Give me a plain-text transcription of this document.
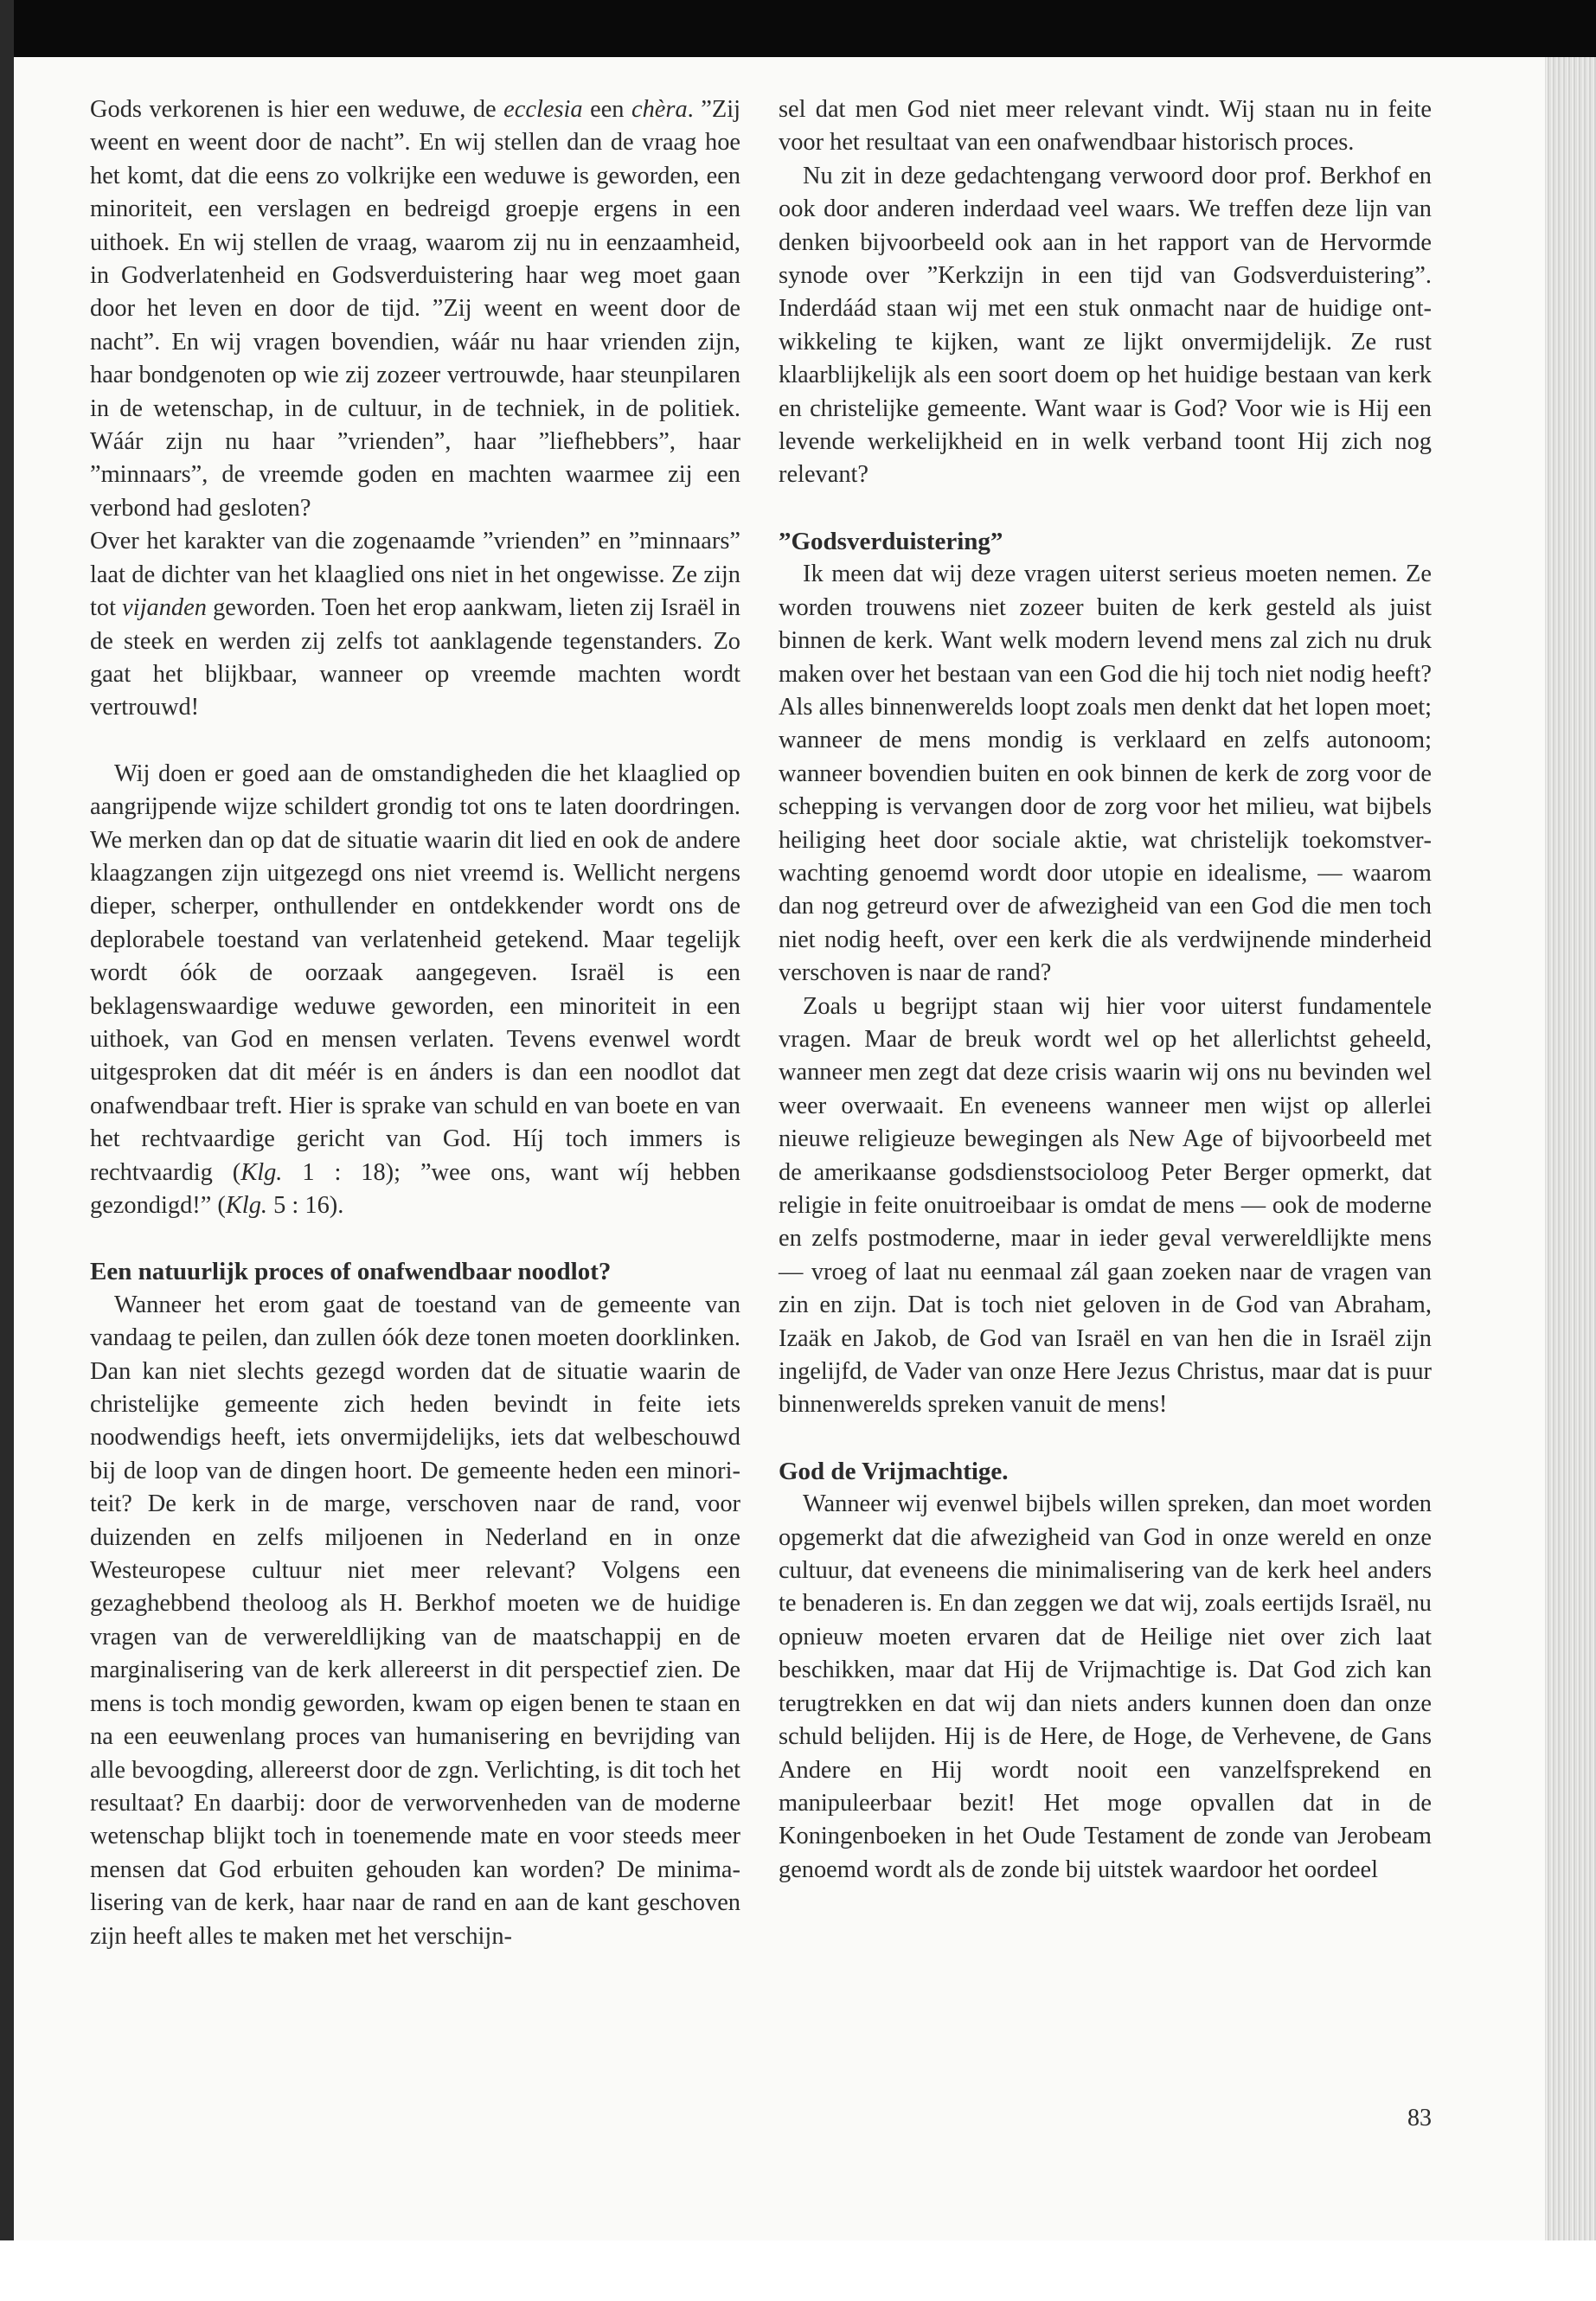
Gods verkorenen is hier een weduwe, de ecclesia een chèra. ”Zij weent en weent door de nacht”. En wij stellen dan de vraag hoe het komt, dat die eens zo volkrijke een weduwe is geworden, een minoriteit, een verslagen en bedreigd groepje ergens in een uithoek. En wij stellen de vraag, waarom zij nu in eenzaamheid, in Godverlatenheid en Godsverduistering haar weg moet gaan door het leven en door de tijd. ”Zij weent en weent door de nacht”. En wij vragen bovendien, wáár nu haar vrienden zijn, haar bondgenoten op wie zij zozeer vertrouwde, haar steunpilaren in de wetenschap, in de cultuur, in de techniek, in de politiek. Wáár zijn nu haar ”vrienden”, haar ”liefhebbers”, haar ”minnaars”, de vreemde goden en machten waarmee zij een verbond had gesloten?

Over het karakter van die zogenaamde ”vrienden” en ”minnaars” laat de dichter van het klaaglied ons niet in het ongewisse. Ze zijn tot vijanden geworden. Toen het erop aankwam, lieten zij Israël in de steek en werden zij zelfs tot aanklagende tegenstanders. Zo gaat het blijkbaar, wanneer op vreemde machten wordt vertrouwd!

Wij doen er goed aan de omstandigheden die het klaaglied op aangrijpende wijze schildert grondig tot ons te laten doordringen. We merken dan op dat de situatie waarin dit lied en ook de andere klaagzangen zijn uitgezegd ons niet vreemd is. Wellicht nergens dieper, scherper, onthullender en ontdekkender wordt ons de deplorabele toestand van verlatenheid getekend. Maar tegelijk wordt óók de oorzaak aangegeven. Israël is een beklagenswaardige weduwe geworden, een minoriteit in een uithoek, van God en mensen verlaten. Tevens evenwel wordt uitgesproken dat dit méér is en ánders is dan een noodlot dat onafwendbaar treft. Hier is sprake van schuld en van boete en van het rechtvaardige gericht van God. Híj toch immers is rechtvaardig (Klg. 1 : 18); ”wee ons, want wíj hebben gezondigd!” (Klg. 5 : 16).

Een natuurlijk proces of onafwendbaar noodlot?

Wanneer het erom gaat de toestand van de gemeente van vandaag te peilen, dan zullen óók deze tonen moeten doorklinken. Dan kan niet slechts gezegd worden dat de situatie waarin de christelijke gemeente zich heden bevindt in feite iets noodwendigs heeft, iets onvermijdelijks, iets dat welbeschouwd bij de loop van de dingen hoort. De gemeente heden een minoriteit? De kerk in de marge, verschoven naar de rand, voor duizenden en zelfs miljoenen in Nederland en in onze Westeuropese cultuur niet meer relevant? Volgens een gezaghebbend theoloog als H. Berkhof moeten we de huidige vragen van de verwereldlijking van de maatschappij en de marginalisering van de kerk allereerst in dit perspectief zien. De mens is toch mondig geworden, kwam op eigen benen te staan en na een eeuwenlang proces van humanisering en bevrijding van alle bevoogding, allereerst door de zgn. Verlichting, is dit toch het resultaat? En daarbij: door de verworvenheden van de moderne wetenschap blijkt toch in toenemende mate en voor steeds meer mensen dat God erbuiten gehouden kan worden? De minimalisering van de kerk, haar naar de rand en aan de kant geschoven zijn heeft alles te maken met het verschijn-

sel dat men God niet meer relevant vindt. Wij staan nu in feite voor het resultaat van een onafwendbaar historisch proces.

Nu zit in deze gedachtengang verwoord door prof. Berkhof en ook door anderen inderdaad veel waars. We treffen deze lijn van denken bijvoorbeeld ook aan in het rapport van de Hervormde synode over ”Kerkzijn in een tijd van Godsverduistering”. Inderdáád staan wij met een stuk onmacht naar de huidige ontwikkeling te kijken, want ze lijkt onvermijdelijk. Ze rust klaarblijkelijk als een soort doem op het huidige bestaan van kerk en christelijke gemeente. Want waar is God? Voor wie is Hij een levende werkelijkheid en in welk verband toont Hij zich nog relevant?

”Godsverduistering”

Ik meen dat wij deze vragen uiterst serieus moeten nemen. Ze worden trouwens niet zozeer buiten de kerk gesteld als juist binnen de kerk. Want welk modern levend mens zal zich nu druk maken over het bestaan van een God die hij toch niet nodig heeft? Als alles binnenwerelds loopt zoals men denkt dat het lopen moet; wanneer de mens mondig is verklaard en zelfs autonoom; wanneer bovendien buiten en ook binnen de kerk de zorg voor de schepping is vervangen door de zorg voor het milieu, wat bijbels heiliging heet door sociale aktie, wat christelijk toekomstverwachting genoemd wordt door utopie en idealisme, — waarom dan nog getreurd over de afwezigheid van een God die men toch niet nodig heeft, over een kerk die als verdwijnende minderheid verschoven is naar de rand?

Zoals u begrijpt staan wij hier voor uiterst fundamentele vragen. Maar de breuk wordt wel op het allerlichtst geheeld, wanneer men zegt dat deze crisis waarin wij ons nu bevinden wel weer overwaait. En eveneens wanneer men wijst op allerlei nieuwe religieuze bewegingen als New Age of bijvoorbeeld met de amerikaanse godsdienstsocioloog Peter Berger opmerkt, dat religie in feite onuitroeibaar is omdat de mens — ook de moderne en zelfs postmoderne, maar in ieder geval verwereldlijkte mens — vroeg of laat nu eenmaal zál gaan zoeken naar de vragen van zin en zijn. Dat is toch niet geloven in de God van Abraham, Izaäk en Jakob, de God van Israël en van hen die in Israël zijn ingelijfd, de Vader van onze Here Jezus Christus, maar dat is puur binnenwerelds spreken vanuit de mens!

God de Vrijmachtige.

Wanneer wij evenwel bijbels willen spreken, dan moet worden opgemerkt dat die afwezigheid van God in onze wereld en onze cultuur, dat eveneens die minimalisering van de kerk heel anders te benaderen is. En dan zeggen we dat wij, zoals eertijds Israël, nu opnieuw moeten ervaren dat de Heilige niet over zich laat beschikken, maar dat Hij de Vrijmachtige is. Dat God zich kan terugtrekken en dat wij dan niets anders kunnen doen dan onze schuld belijden. Hij is de Here, de Hoge, de Verhevene, de Gans Andere en Hij wordt nooit een vanzelfsprekend en manipuleerbaar bezit! Het moge opvallen dat in de Koningenboeken in het Oude Testament de zonde van Jerobeam genoemd wordt als de zonde bij uitstek waardoor het oordeel

83
